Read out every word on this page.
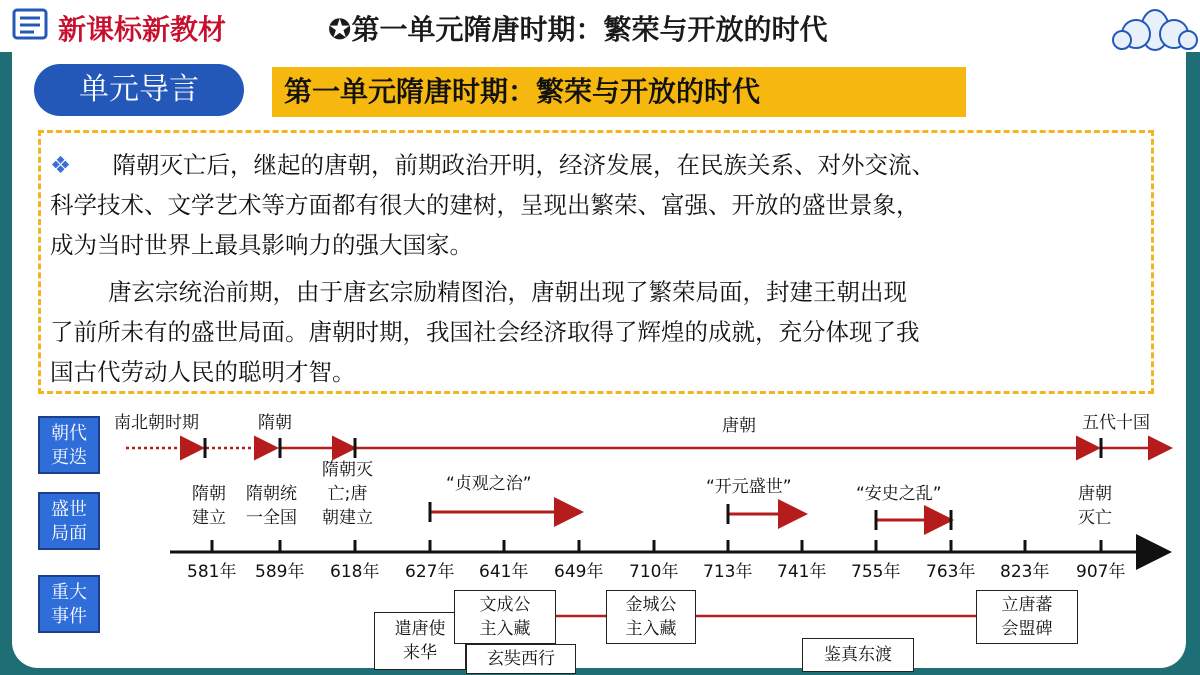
新课标新教材	✪第一单元隋唐时期：繁荣与开放的时代
单元导言	第一单元隋唐时期：繁荣与开放的时代
❖ 隋朝灭亡后，继起的唐朝，前期政治开明，经济发展，在民族关系、对外交流、
科学技术、文学艺术等方面都有很大的建树，呈现出繁荣、富强、开放的盛世景象，
成为当时世界上最具影响力的强大国家。
唐玄宗统治前期，由于唐玄宗励精图治，唐朝出现了繁荣局面，封建王朝出现
了前所未有的盛世局面。唐朝时期，我国社会经济取得了辉煌的成就，充分体现了我
国古代劳动人民的聪明才智。
朝代
更迭
盛世
局面
重大
事件
南北朝时期	隋朝	唐朝	五代十国
隋朝
建立
隋朝统
一全国
隋朝灭
亡;唐
朝建立
唐朝
灭亡
“贞观之治”	“开元盛世”	“安史之乱”
581年 589年 618年 627年 641年 649年 710年 713年 741年 755年 763年 823年 907年
遣唐使
来华
文成公
主入藏
玄奘西行
金城公
主入藏
鉴真东渡
立唐蕃
会盟碑
